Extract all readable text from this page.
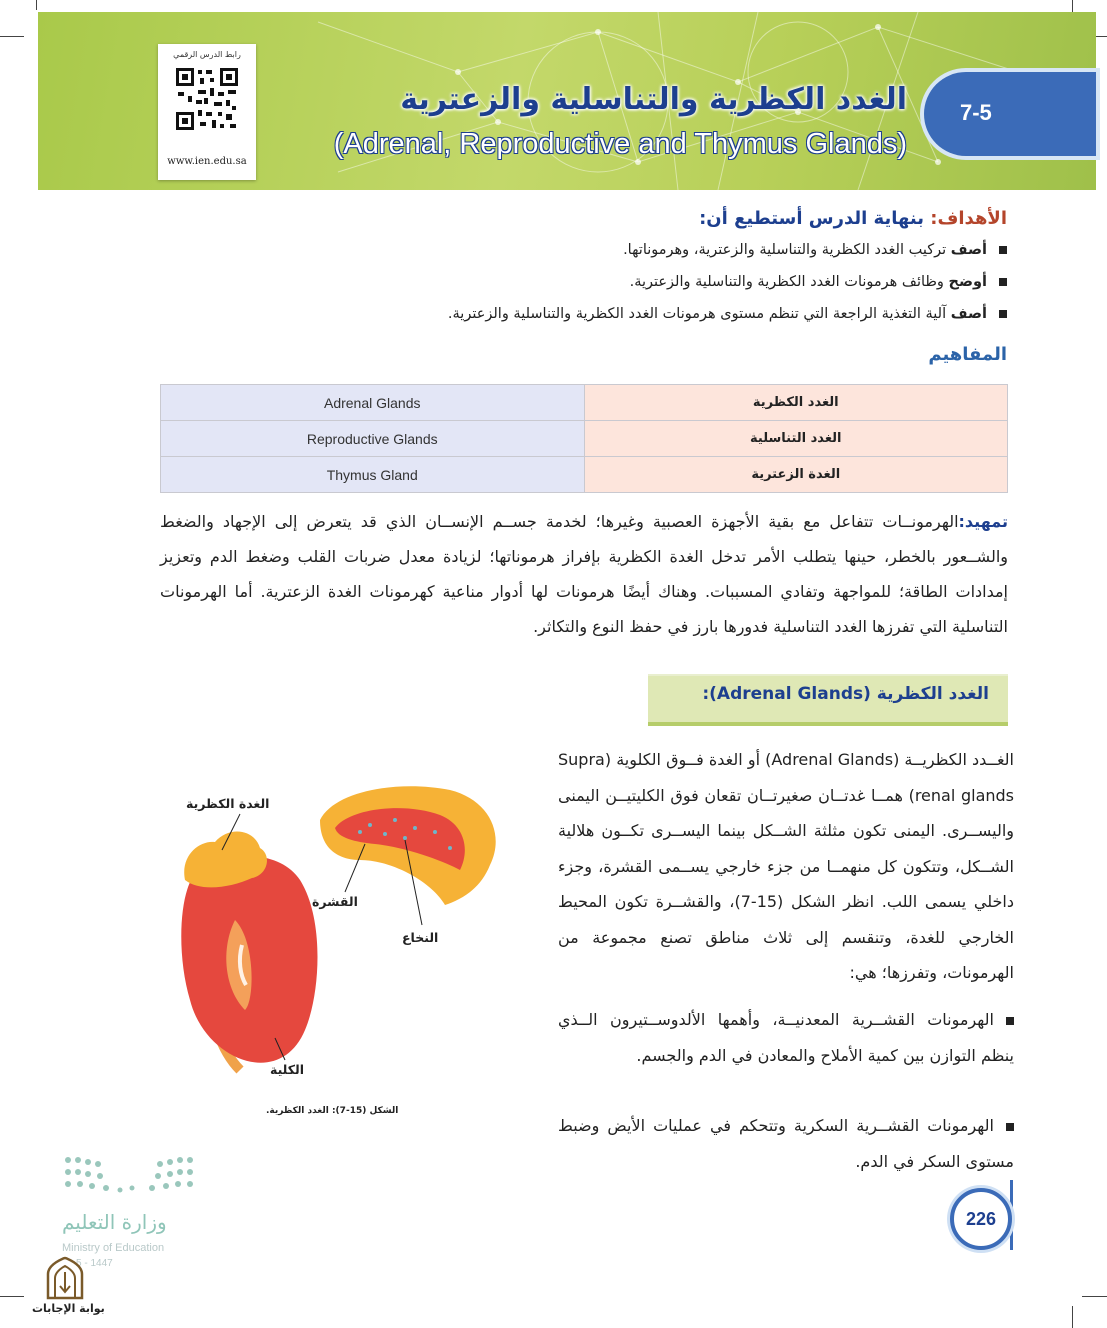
7-5
رابط الدرس الرقمي
www.ien.edu.sa
الغدد الكظرية والتناسلية والزعترية
(Adrenal, Reproductive and Thymus Glands)
الأهداف: بنهاية الدرس أستطيع أن:
أصف تركيب الغدد الكظرية والتناسلية والزعترية، وهرموناتها.
أوضح وظائف هرمونات الغدد الكظرية والتناسلية والزعترية.
أصف آلية التغذية الراجعة التي تنظم مستوى هرمونات الغدد الكظرية والتناسلية والزعترية.
المفاهيم
Adrenal Glands	الغدد الكظرية
Reproductive Glands	الغدد التناسلية
Thymus Gland	الغدة الزعترية
تمهيد:الهرمونــات تتفاعل مع بقية الأجهزة العصبية وغيرها؛ لخدمة جســم الإنســان الذي قد يتعرض إلى الإجهاد والضغط والشــعور بالخطر، حينها يتطلب الأمر تدخل الغدة الكظرية بإفراز هرموناتها؛ لزيادة معدل ضربات القلب وضغط الدم وتعزيز إمدادات الطاقة؛ للمواجهة وتفادي المسببات. وهناك أيضًا هرمونات لها أدوار مناعية كهرمونات الغدة الزعترية. أما الهرمونات التناسلية التي تفرزها الغدد التناسلية فدورها بارز في حفظ النوع والتكاثر.
الغدد الكظرية (Adrenal Glands):
الغــدد الكظريــة (Adrenal Glands) أو الغدة فــوق الكلوية (Supra renal glands) همــا غدتــان صغيرتــان تقعان فوق الكليتيــن اليمنى واليســرى. اليمنى تكون مثلثة الشــكل بينما اليســرى تكــون هلالية الشــكل، وتتكون كل منهمــا من جزء خارجي يســمى القشرة، وجزء داخلي يسمى اللب. انظر الشكل (15-7)، والقشــرة تكون المحيط الخارجي للغدة، وتنقسم إلى ثلاث مناطق تصنع مجموعة من الهرمونات، وتفرزها؛ هي:
الهرمونات القشــرية المعدنيــة، وأهمها الألدوســتيرون الــذي ينظم التوازن بين كمية الأملاح والمعادن في الدم والجسم.
الهرمونات القشــرية السكرية وتتحكم في عمليات الأيض وضبط مستوى السكر في الدم.
الغدة الكظرية
القشرة
النخاع
الكلية
الشكل (15-7): الغدد الكظرية.
226
وزارة التعليم
Ministry of Education
5 - 1447
بوابة الإجابات
